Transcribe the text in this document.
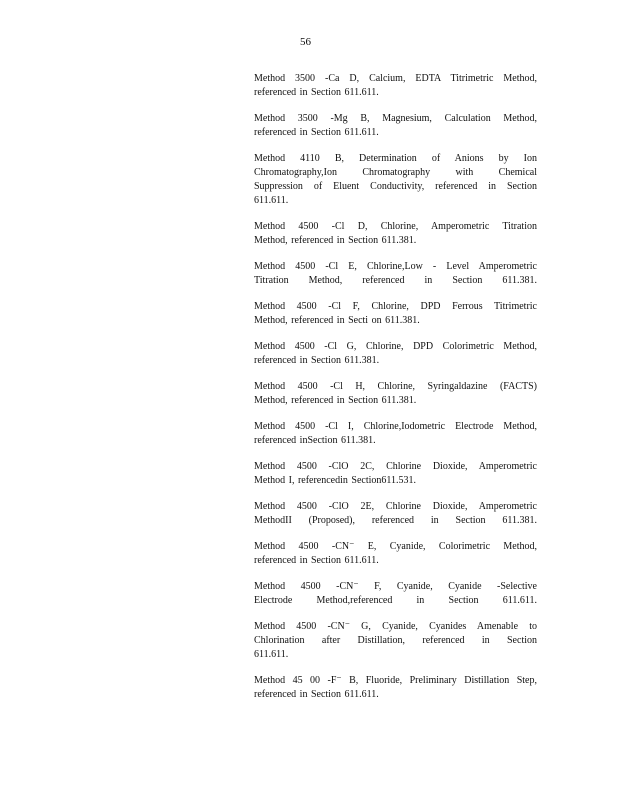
56
Method 3500 -Ca D, Calcium, EDTA Titrimetric Method,
referenced in Section 611.611.
Method 3500 -Mg B, Magnesium, Calculation Method,
referenced in Section 611.611.
Method 4110 B, Determination of Anions by Ion
Chromatography,Ion Chromatography with Chemical
Suppression of Eluent Conductivity, referenced in Section
611.611.
Method 4500 -Cl D, Chlorine, Amperometric Titration
Method, referenced in Section 611.381.
Method 4500 -Cl E, Chlorine,Low - Level Amperometric
Titration Method, referenced in Section 611.381.
Method 4500 -Cl F, Chlorine, DPD Ferrous Titrimetric
Method, referenced in Secti on 611.381.
Method 4500 -Cl G, Chlorine, DPD Colorimetric Method,
referenced in Section 611.381.
Method 4500 -Cl H, Chlorine, Syringaldazine (FACTS)
Method, referenced in Section 611.381.
Method 4500 -Cl I, Chlorine,Iodometric Electrode Method,
referenced inSection 611.381.
Method 4500 -ClO 2C, Chlorine Dioxide, Amperometric
Method I, referencedin Section611.531.
Method 4500 -ClO 2E, Chlorine Dioxide, Amperometric
MethodII (Proposed), referenced in Section 611.381.
Method 4500 -CN⁻ E, Cyanide, Colorimetric Method,
referenced in Section 611.611.
Method 4500 -CN⁻ F, Cyanide, Cyanide -Selective
Electrode Method,referenced in Section 611.611.
Method 4500 -CN⁻ G, Cyanide, Cyanides Amenable to
Chlorination after Distillation, referenced in Section
611.611.
Method 45 00 -F⁻ B, Fluoride, Preliminary Distillation Step,
referenced in Section 611.611.
